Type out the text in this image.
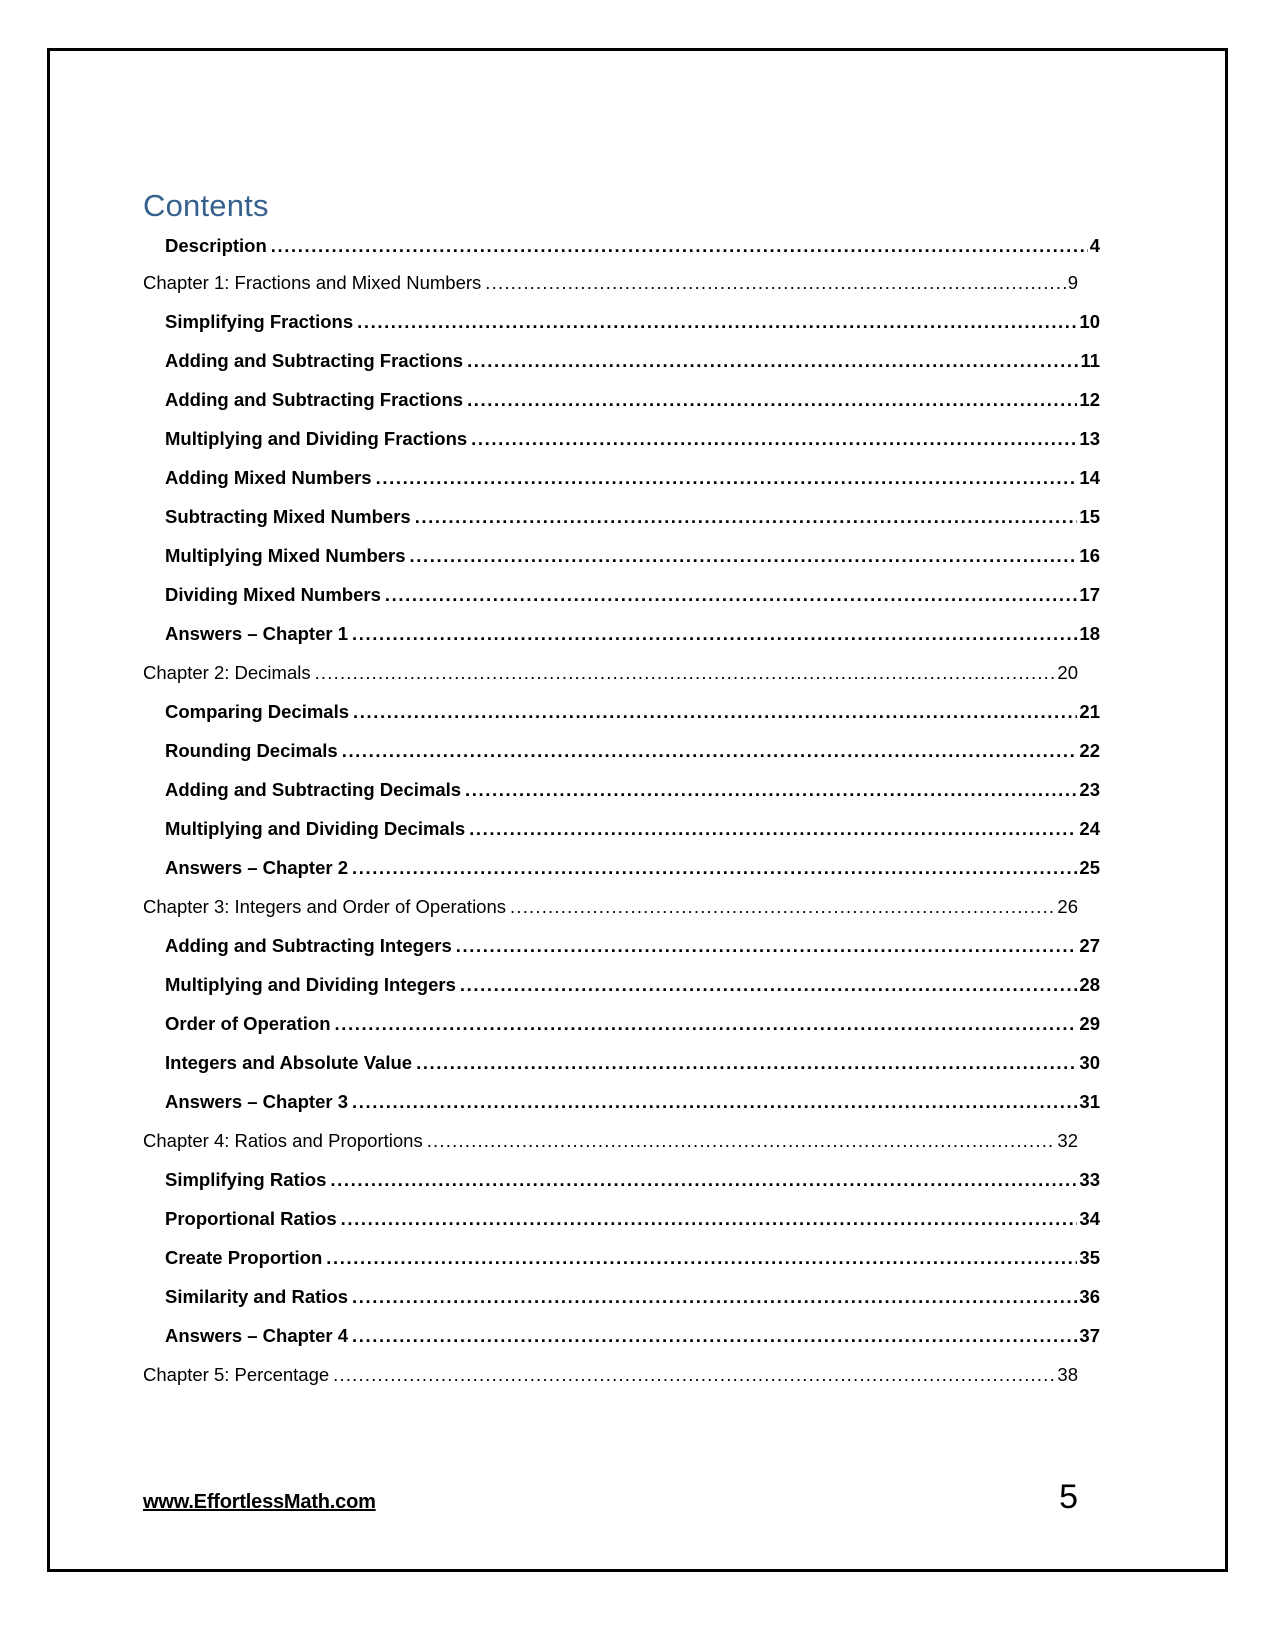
Contents
Description .....	4
Chapter 1: Fractions and Mixed Numbers .....	9
Simplifying Fractions .....	10
Adding and Subtracting Fractions .....	11
Adding and Subtracting Fractions .....	12
Multiplying and Dividing Fractions .....	13
Adding Mixed Numbers .....	14
Subtracting Mixed Numbers .....	15
Multiplying Mixed Numbers .....	16
Dividing Mixed Numbers .....	17
Answers – Chapter 1 .....	18
Chapter 2: Decimals .....	20
Comparing Decimals .....	21
Rounding Decimals .....	22
Adding and Subtracting Decimals .....	23
Multiplying and Dividing Decimals .....	24
Answers – Chapter 2 .....	25
Chapter 3: Integers and Order of Operations .....	26
Adding and Subtracting Integers .....	27
Multiplying and Dividing Integers .....	28
Order of Operation .....	29
Integers and Absolute Value .....	30
Answers – Chapter 3 .....	31
Chapter 4: Ratios and Proportions .....	32
Simplifying Ratios .....	33
Proportional Ratios .....	34
Create Proportion .....	35
Similarity and Ratios .....	36
Answers – Chapter 4 .....	37
Chapter 5: Percentage .....	38
www.EffortlessMath.com	5
